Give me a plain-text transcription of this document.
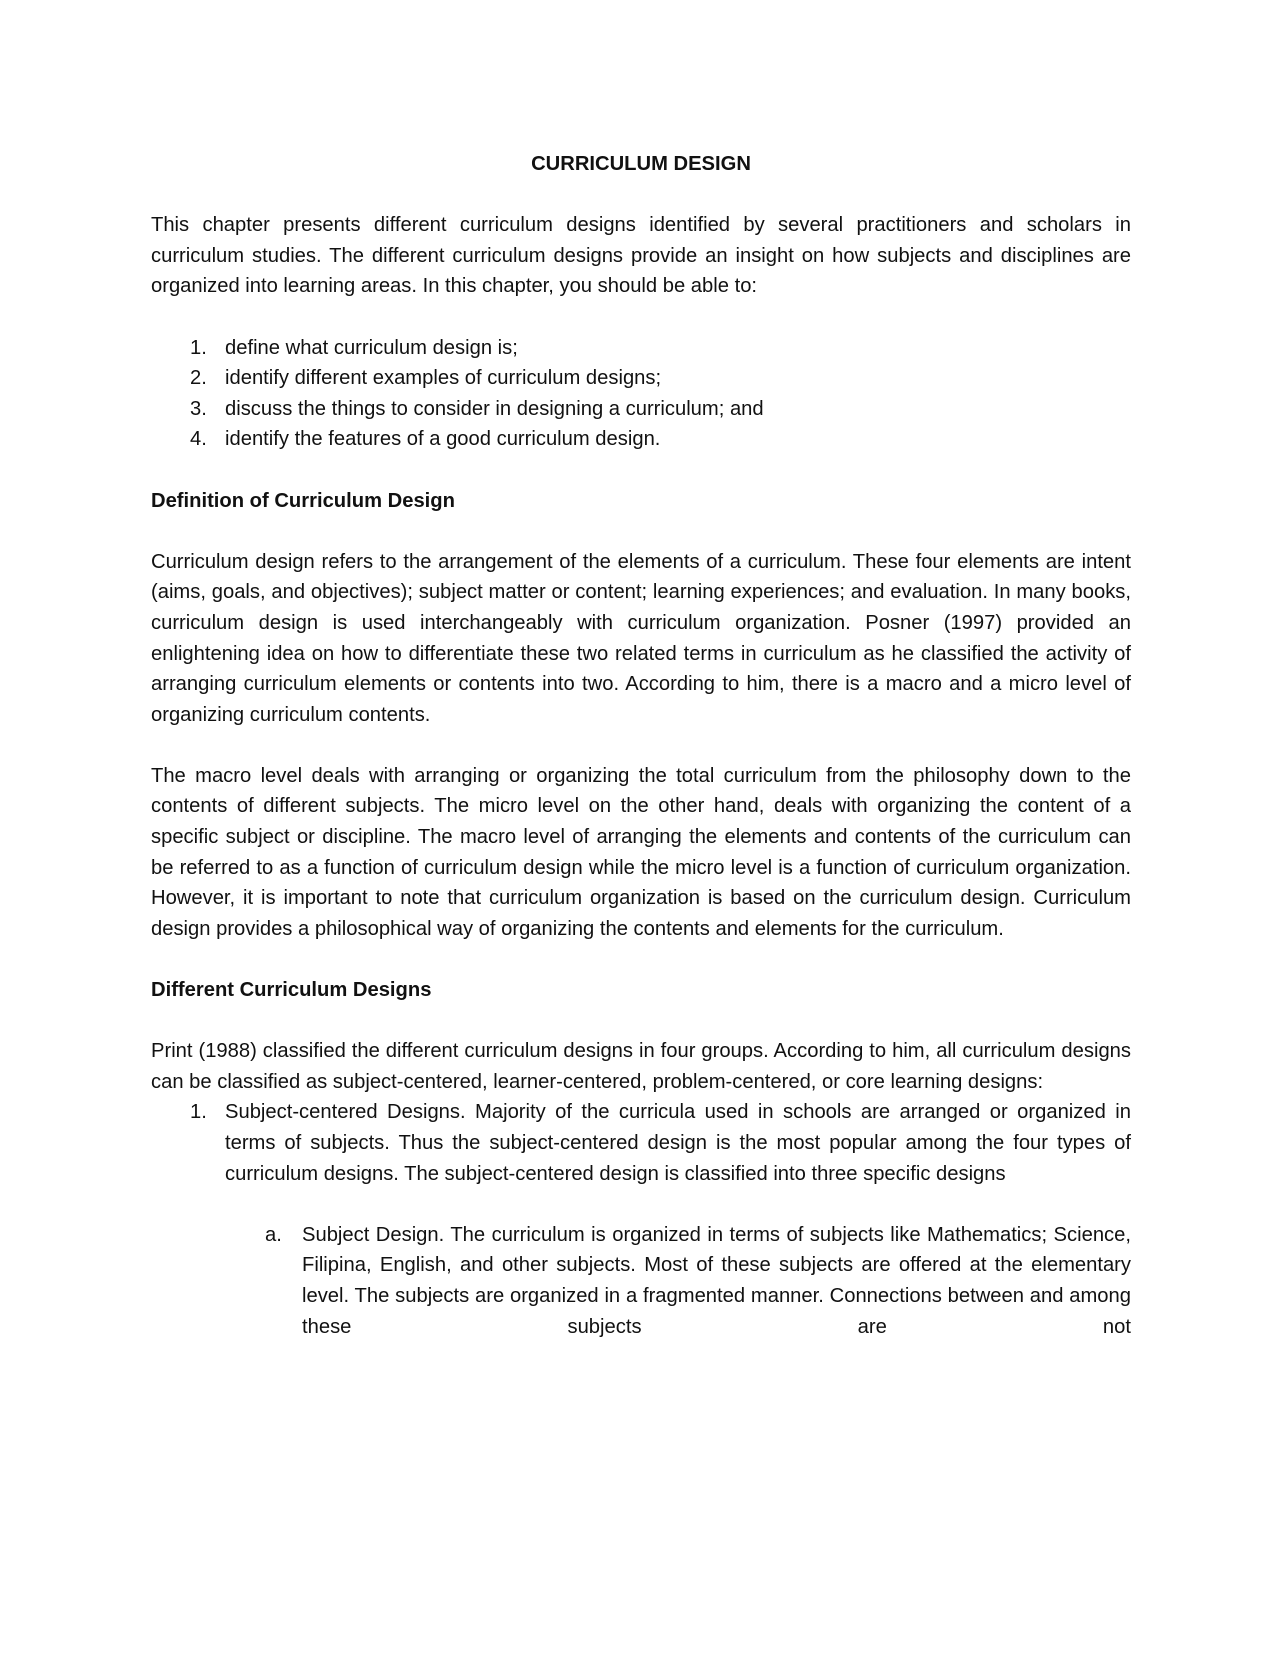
CURRICULUM DESIGN

This chapter presents different curriculum designs identified by several practitioners and scholars in curriculum studies. The different curriculum designs provide an insight on how subjects and disciplines are organized into learning areas. In this chapter, you should be able to:

1. define what curriculum design is;
2. identify different examples of curriculum designs;
3. discuss the things to consider in designing a curriculum; and
4. identify the features of a good curriculum design.
Definition of Curriculum Design

Curriculum design refers to the arrangement of the elements of a curriculum. These four elements are intent (aims, goals, and objectives); subject matter or content; learning experiences; and evaluation. In many books, curriculum design is used interchangeably with curriculum organization. Posner (1997) provided an enlightening idea on how to differentiate these two related terms in curriculum as he classified the activity of arranging curriculum elements or contents into two. According to him, there is a macro and a micro level of organizing curriculum contents.

The macro level deals with arranging or organizing the total curriculum from the philosophy down to the contents of different subjects. The micro level on the other hand, deals with organizing the content of a specific subject or discipline. The macro level of arranging the elements and contents of the curriculum can be referred to as a function of curriculum design while the micro level is a function of curriculum organization. However, it is important to note that curriculum organization is based on the curriculum design. Curriculum design provides a philosophical way of organizing the contents and elements for the curriculum.

Different Curriculum Designs

Print (1988) classified the different curriculum designs in four groups. According to him, all curriculum designs can be classified as subject-centered, learner-centered, problem-centered, or core learning designs:

1. Subject-centered Designs. Majority of the curricula used in schools are arranged or organized in terms of subjects. Thus the subject-centered design is the most popular among the four types of curriculum designs. The subject-centered design is classified into three specific designs
a. Subject Design. The curriculum is organized in terms of subjects like Mathematics; Science, Filipina, English, and other subjects. Most of these subjects are offered at the elementary level. The subjects are organized in a fragmented manner. Connections between and among these subjects are not
